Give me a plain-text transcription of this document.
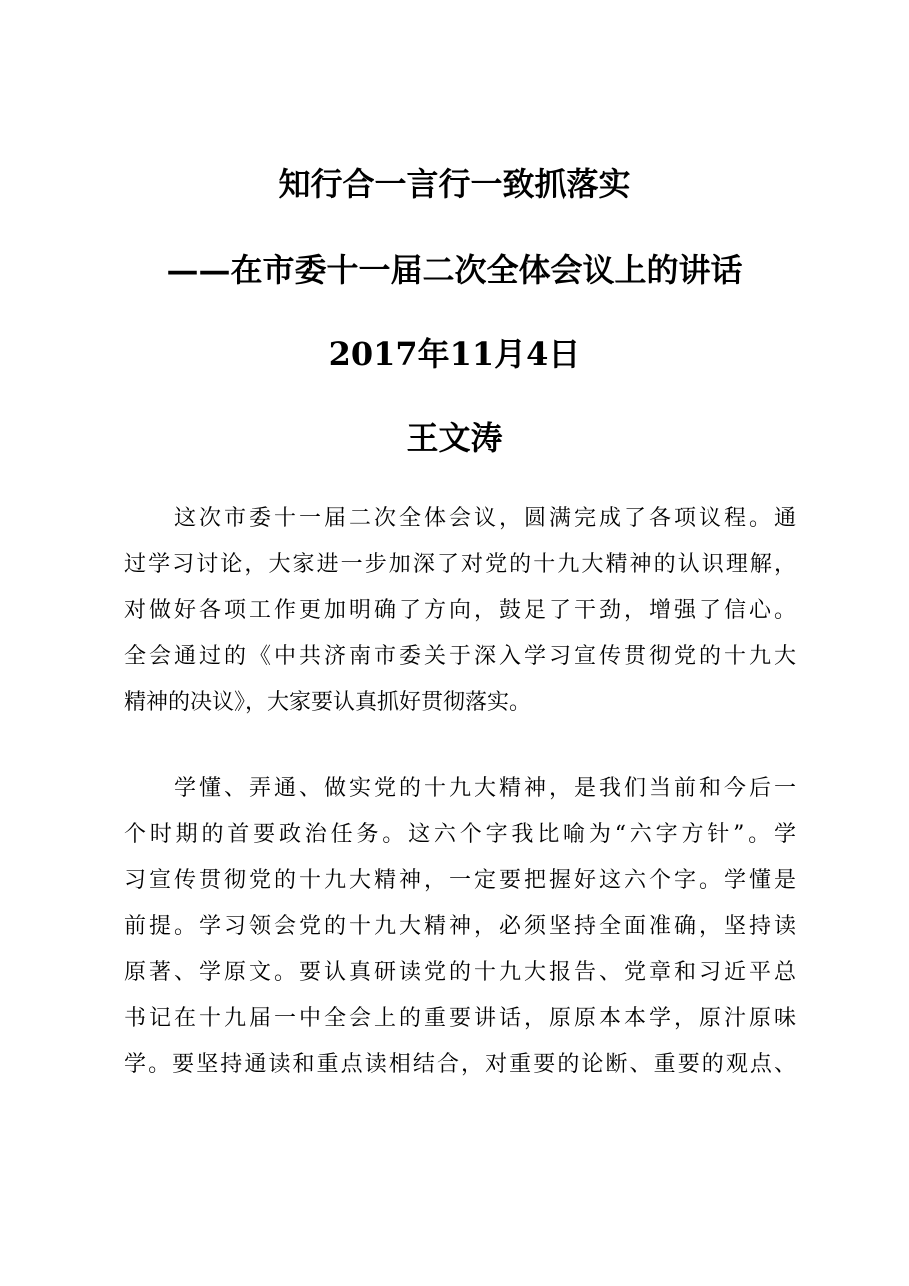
知行合一言行一致抓落实
——在市委十一届二次全体会议上的讲话
2017年11月4日
王文涛

　　这次市委十一届二次全体会议，圆满完成了各项议程。通
过学习讨论，大家进一步加深了对党的十九大精神的认识理解，
对做好各项工作更加明确了方向，鼓足了干劲，增强了信心。
全会通过的《中共济南市委关于深入学习宣传贯彻党的十九大
精神的决议》，大家要认真抓好贯彻落实。

　　学懂、弄通、做实党的十九大精神，是我们当前和今后一
个时期的首要政治任务。这六个字我比喻为“六字方针”。学
习宣传贯彻党的十九大精神，一定要把握好这六个字。学懂是
前提。学习领会党的十九大精神，必须坚持全面准确，坚持读
原著、学原文。要认真研读党的十九大报告、党章和习近平总
书记在十九届一中全会上的重要讲话，原原本本学，原汁原味
学。要坚持通读和重点读相结合，对重要的论断、重要的观点、
